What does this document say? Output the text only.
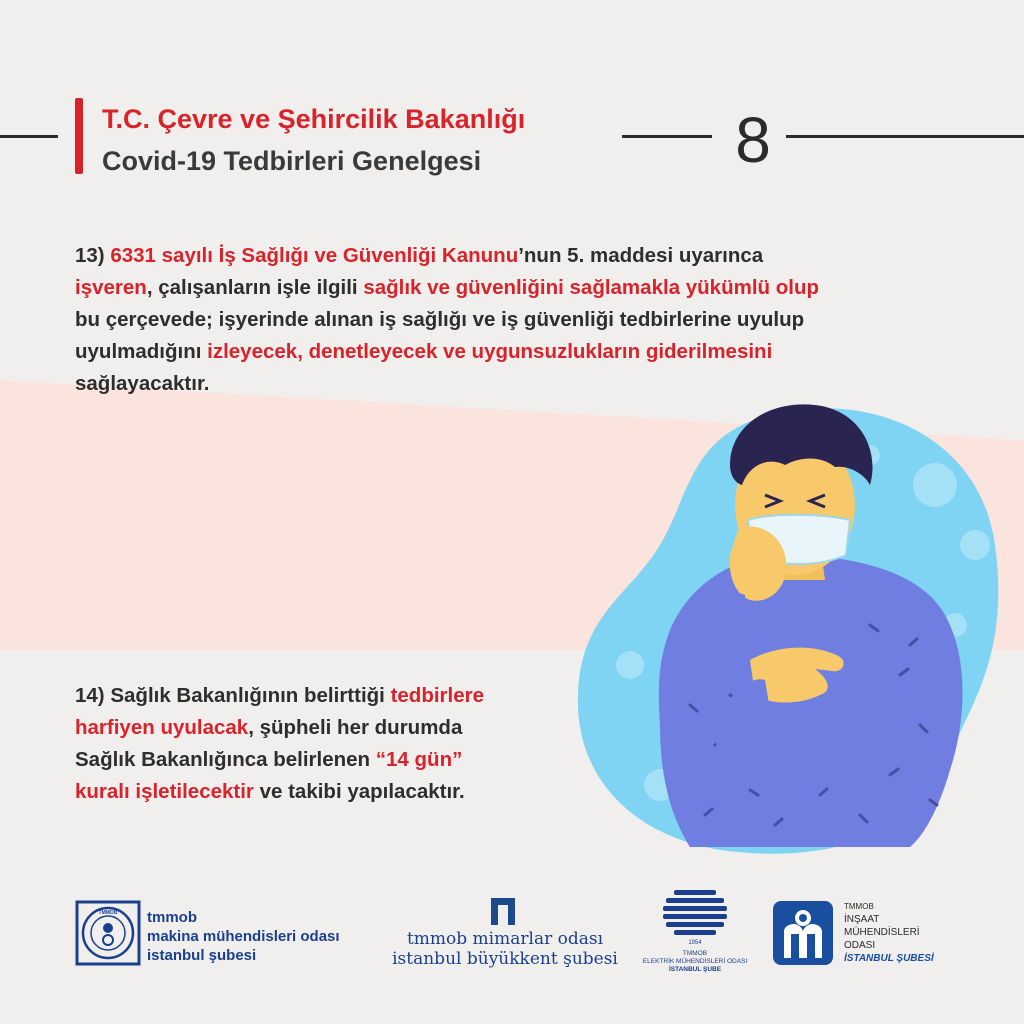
T.C. Çevre ve Şehircilik Bakanlığı
Covid-19 Tedbirleri Genelgesi	8
13) 6331 sayılı İş Sağlığı ve Güvenliği Kanunu’nun 5. maddesi uyarınca
işveren, çalışanların işle ilgili sağlık ve güvenliğini sağlamakla yükümlü olup
bu çerçevede; işyerinde alınan iş sağlığı ve iş güvenliği tedbirlerine uyulup
uyulmadığını izleyecek, denetleyecek ve uygunsuzlukların giderilmesini
sağlayacaktır.
14) Sağlık Bakanlığının belirttiği tedbirlere
harfiyen uyulacak, şüpheli her durumda
Sağlık Bakanlığınca belirlenen “14 gün”
kuralı işletilecektir ve takibi yapılacaktır.
TMMOB tmmob
makina mühendisleri odası
istanbul şubesi
tmmob mimarlar odası
istanbul büyükkent şubesi
1954
TMMOB
ELEKTRİK MÜHENDİSLERİ ODASI
İSTANBUL ŞUBE
TMMOB
İNŞAAT
MÜHENDİSLERİ
ODASI
İSTANBUL ŞUBESİ
